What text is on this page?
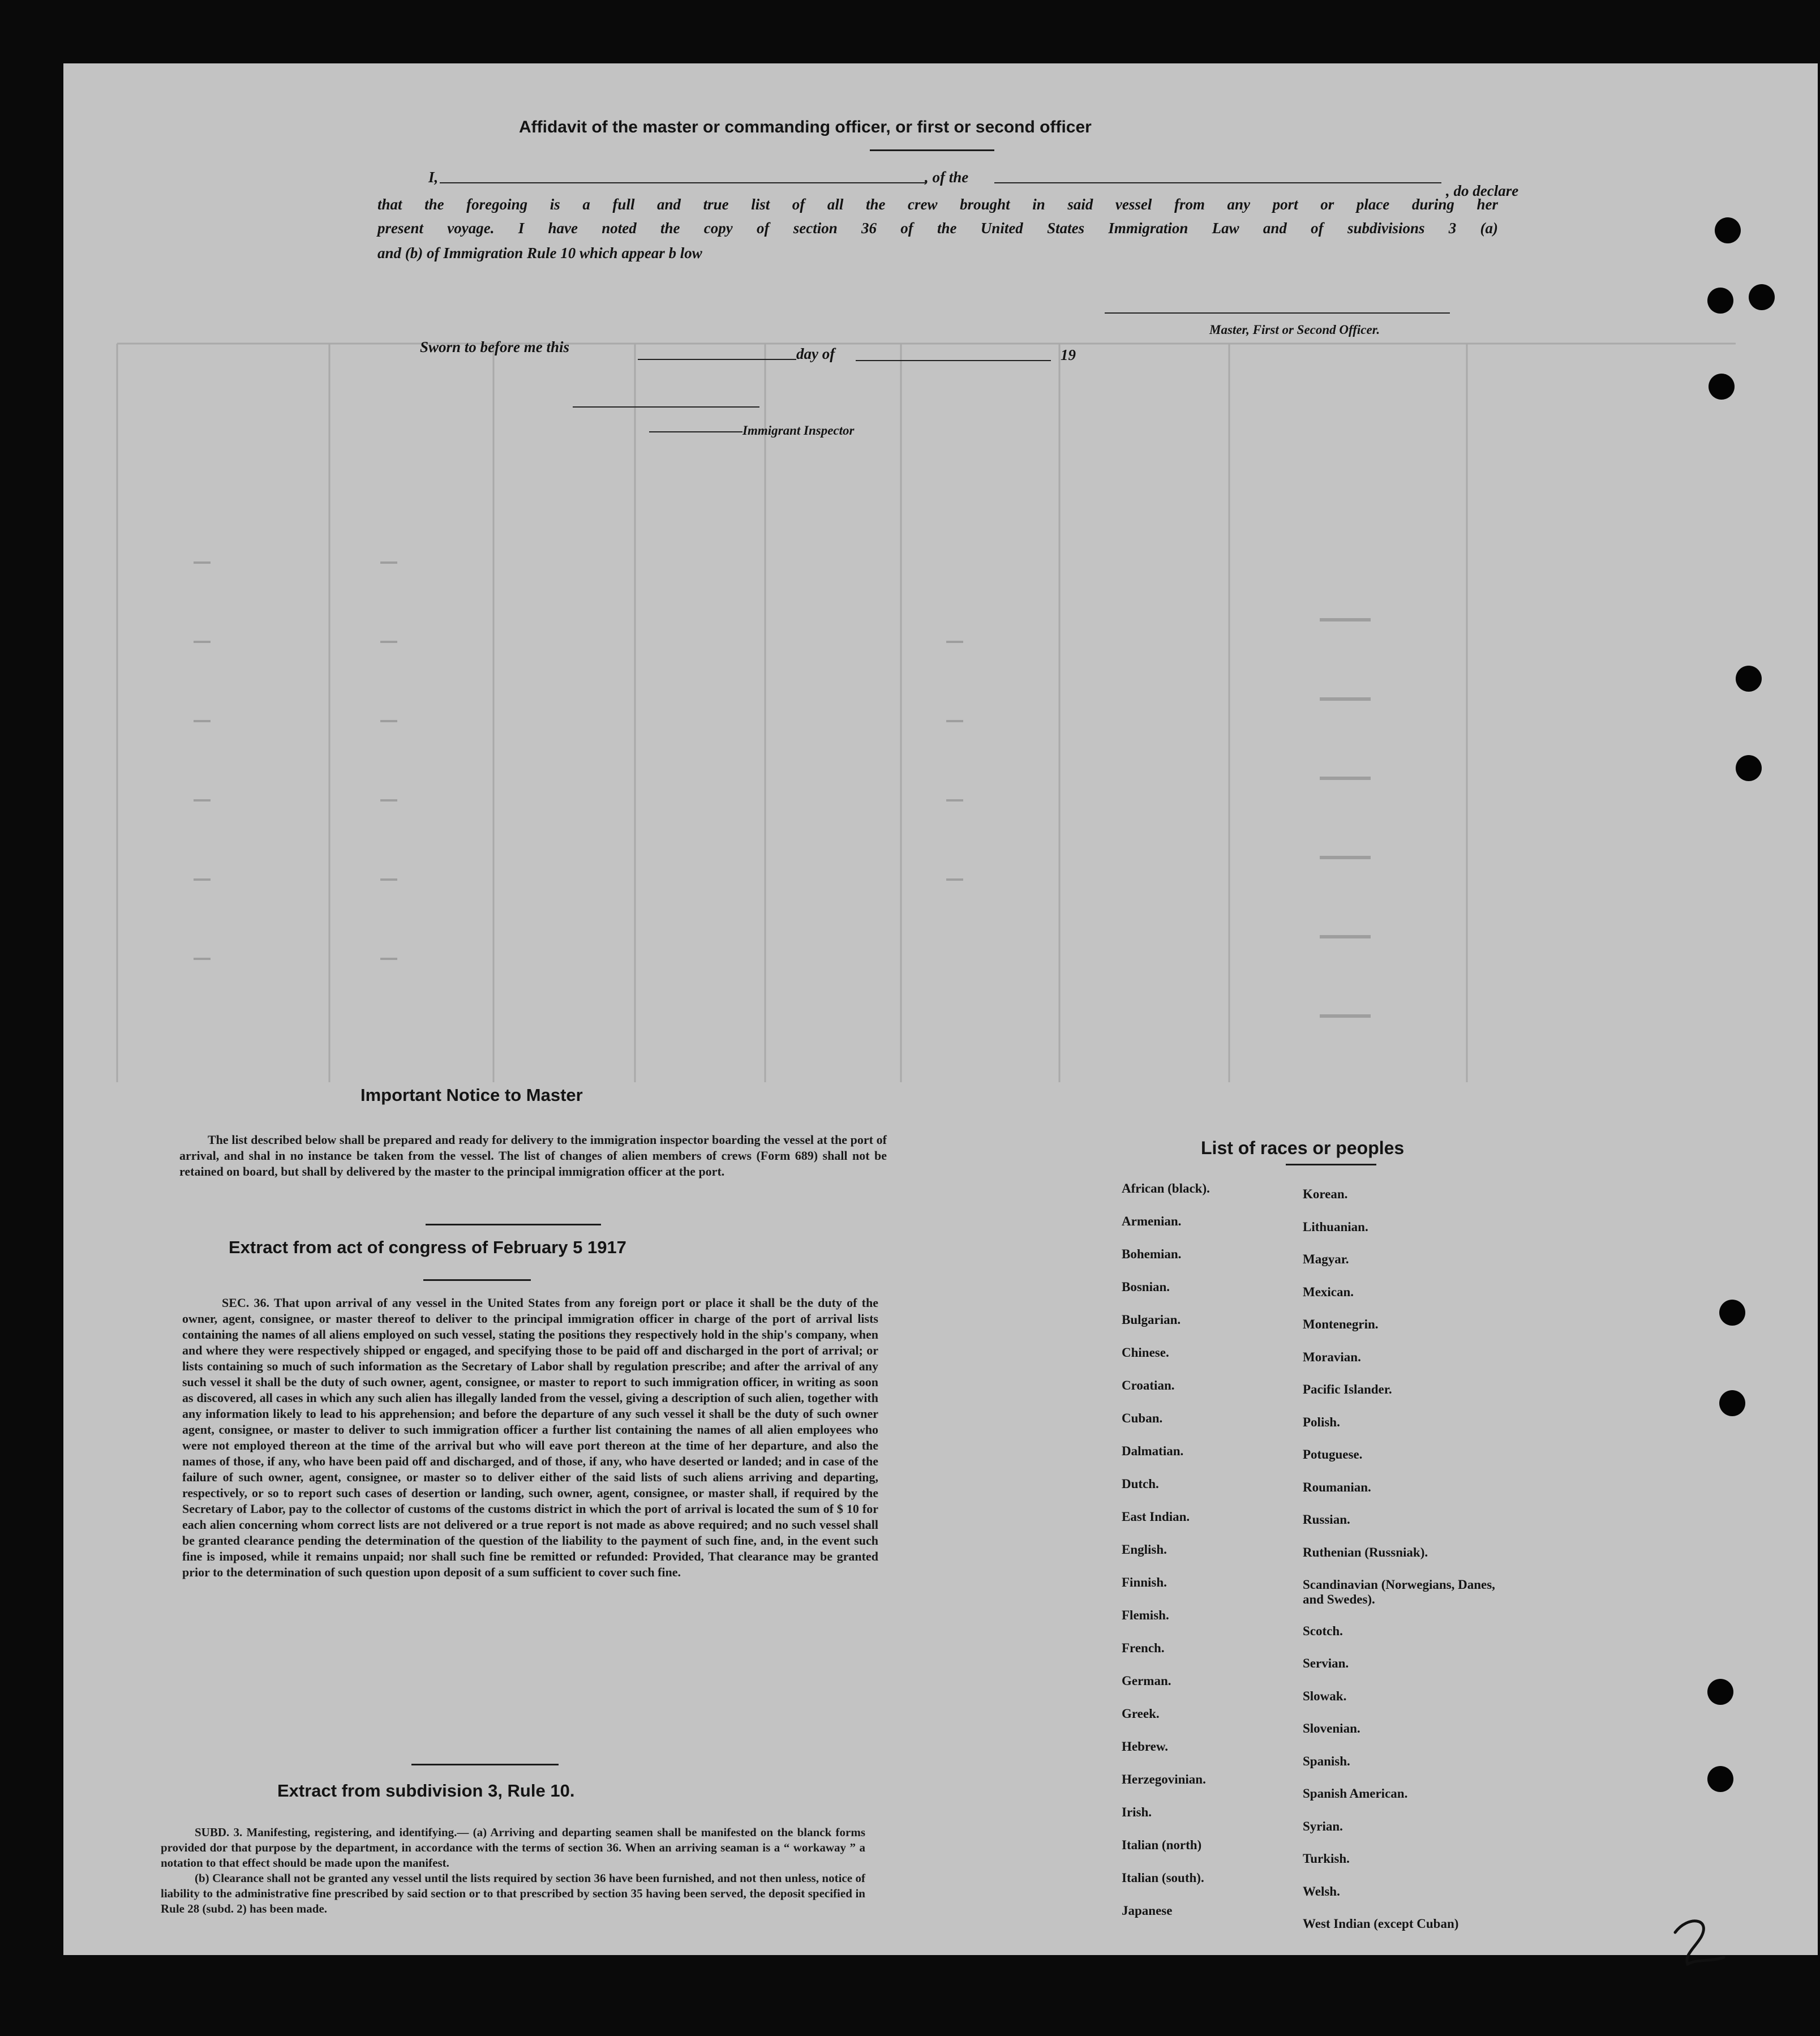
Affidavit of the master or commanding officer, or first or second officer
I,	, of the
, do declare
that the foregoing is a full and true list of all the crew brought in said vessel from any port or place during her
present voyage. I have noted the copy of section 36 of the United States Immigration Law and of subdivisions 3 (a)
and (b) of Immigration Rule 10 which appear b low
Master, First or Second Officer.
Sworn to before me this	day of	19
Immigrant Inspector
Important Notice to Master

The list described below shall be prepared and ready for delivery to the immigration inspector boarding the vessel at the port of arrival, and shal in no instance be taken from the vessel. The list of changes of alien members of crews (Form 689) shall not be retained on board, but shall by delivered by the master to the principal immigration officer at the port.

Extract from act of congress of February 5 1917

SEC. 36. That upon arrival of any vessel in the United States from any foreign port or place it shall be the duty of the owner, agent, consignee, or master thereof to deliver to the principal immigration officer in charge of the port of arrival lists containing the names of all aliens employed on such vessel, stating the positions they respectively hold in the ship's company, when and where they were respectively shipped or engaged, and specifying those to be paid off and discharged in the port of arrival; or lists containing so much of such information as the Secretary of Labor shall by regulation prescribe; and after the arrival of any such vessel it shall be the duty of such owner, agent, consignee, or master to report to such immigration officer, in writing as soon as discovered, all cases in which any such alien has illegally landed from the vessel, giving a description of such alien, together with any information likely to lead to his apprehension; and before the departure of any such vessel it shall be the duty of such owner agent, consignee, or master to deliver to such immigration officer a further list containing the names of all alien employees who were not employed thereon at the time of the arrival but who will eave port thereon at the time of her departure, and also the names of those, if any, who have been paid off and discharged, and of those, if any, who have deserted or landed; and in case of the failure of such owner, agent, consignee, or master so to deliver either of the said lists of such aliens arriving and departing, respectively, or so to report such cases of desertion or landing, such owner, agent, consignee, or master shall, if required by the Secretary of Labor, pay to the collector of customs of the customs district in which the port of arrival is located the sum of $ 10 for each alien concerning whom correct lists are not delivered or a true report is not made as above required; and no such vessel shall be granted clearance pending the determination of the question of the liability to the payment of such fine, and, in the event such fine is imposed, while it remains unpaid; nor shall such fine be remitted or refunded: Provided, That clearance may be granted prior to the determination of such question upon deposit of a sum sufficient to cover such fine.

Extract from subdivision 3, Rule 10.

SUBD. 3. Manifesting, registering, and identifying.— (a) Arriving and departing seamen shall be manifested on the blanck forms provided dor that purpose by the department, in accordance with the terms of section 36. When an arriving seaman is a “ workaway ” a notation to that effect should be made upon the manifest.

(b) Clearance shall not be granted any vessel until the lists required by section 36 have been furnished, and not then unless, notice of liability to the administrative fine prescribed by said section or to that prescribed by section 35 having been served, the deposit specified in Rule 28 (subd. 2) has been made.

List of races or peoples
African (black).
Armenian.
Bohemian.
Bosnian.
Bulgarian.
Chinese.
Croatian.
Cuban.
Dalmatian.
Dutch.
East Indian.
English.
Finnish.
Flemish.
French.
German.
Greek.
Hebrew.
Herzegovinian.
Irish.
Italian (north)
Italian (south).
Japanese
Korean.
Lithuanian.
Magyar.
Mexican.
Montenegrin.
Moravian.
Pacific Islander.
Polish.
Potuguese.
Roumanian.
Russian.
Ruthenian (Russniak).
Scandinavian (Norwegians, Danes, and Swedes).
Scotch.
Servian.
Slowak.
Slovenian.
Spanish.
Spanish American.
Syrian.
Turkish.
Welsh.
West Indian (except Cuban)
